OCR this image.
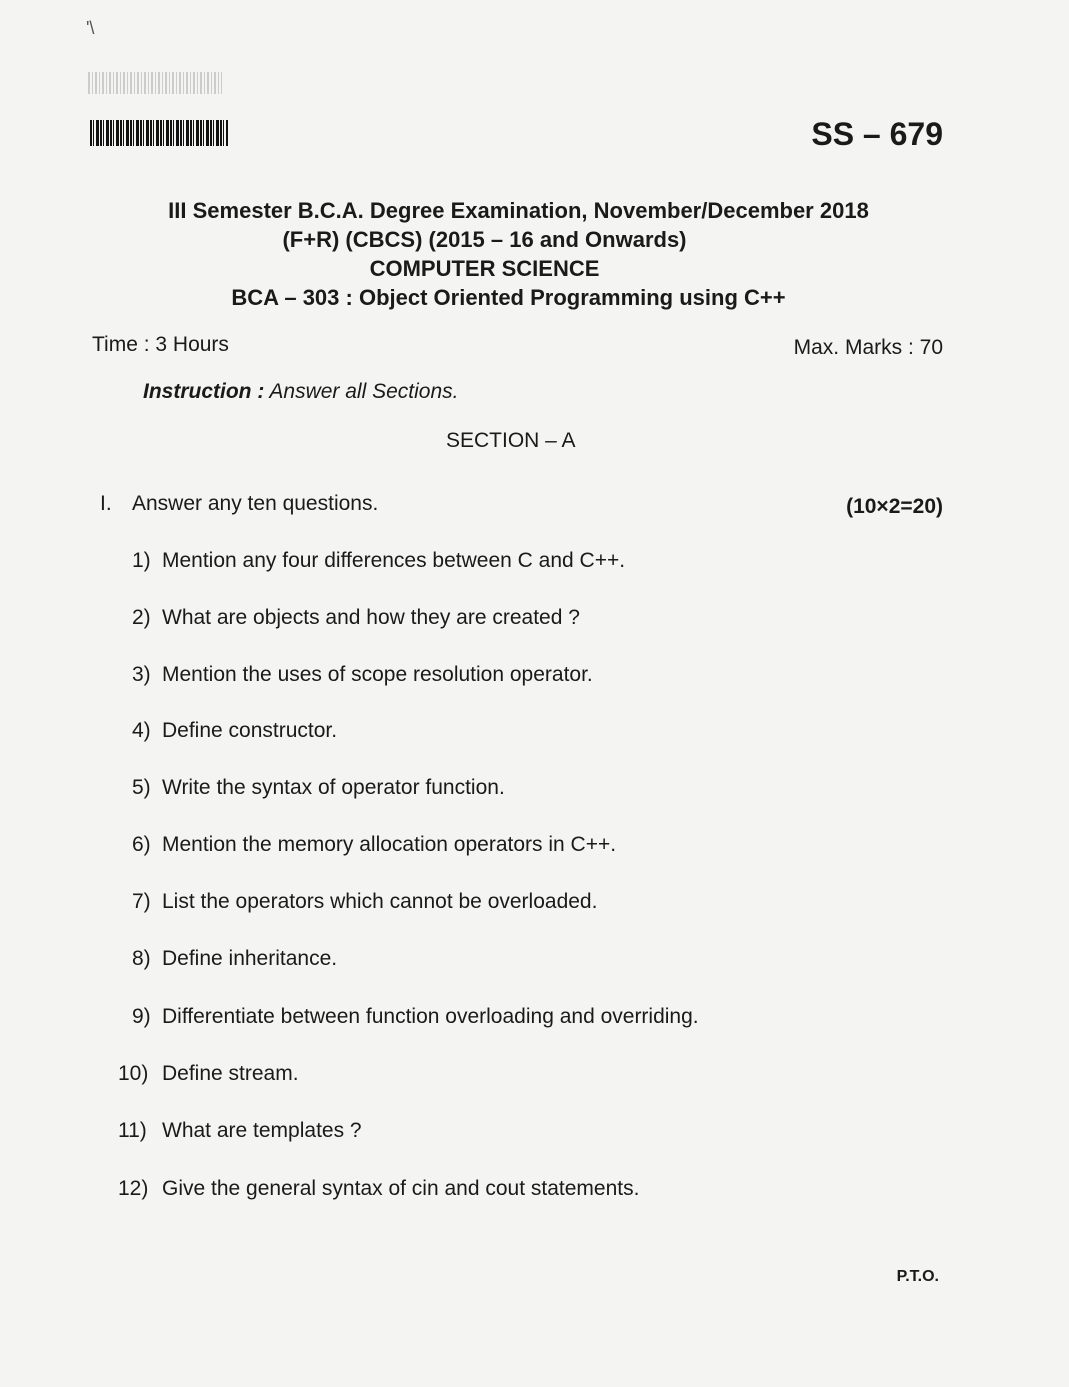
'\
SS – 679
III Semester B.C.A. Degree Examination, November/December 2018
(F+R) (CBCS) (2015 – 16 and Onwards)
COMPUTER SCIENCE
BCA – 303 : Object Oriented Programming using C++
Time : 3 Hours	Max. Marks : 70
Instruction : Answer all Sections.
SECTION – A
I. Answer any ten questions.	(10×2=20)
1) Mention any four differences between C and C++.
2) What are objects and how they are created ?
3) Mention the uses of scope resolution operator.
4) Define constructor.
5) Write the syntax of operator function.
6) Mention the memory allocation operators in C++.
7) List the operators which cannot be overloaded.
8) Define inheritance.
9) Differentiate between function overloading and overriding.
10) Define stream.
11) What are templates ?
12) Give the general syntax of cin and cout statements.
P.T.O.
